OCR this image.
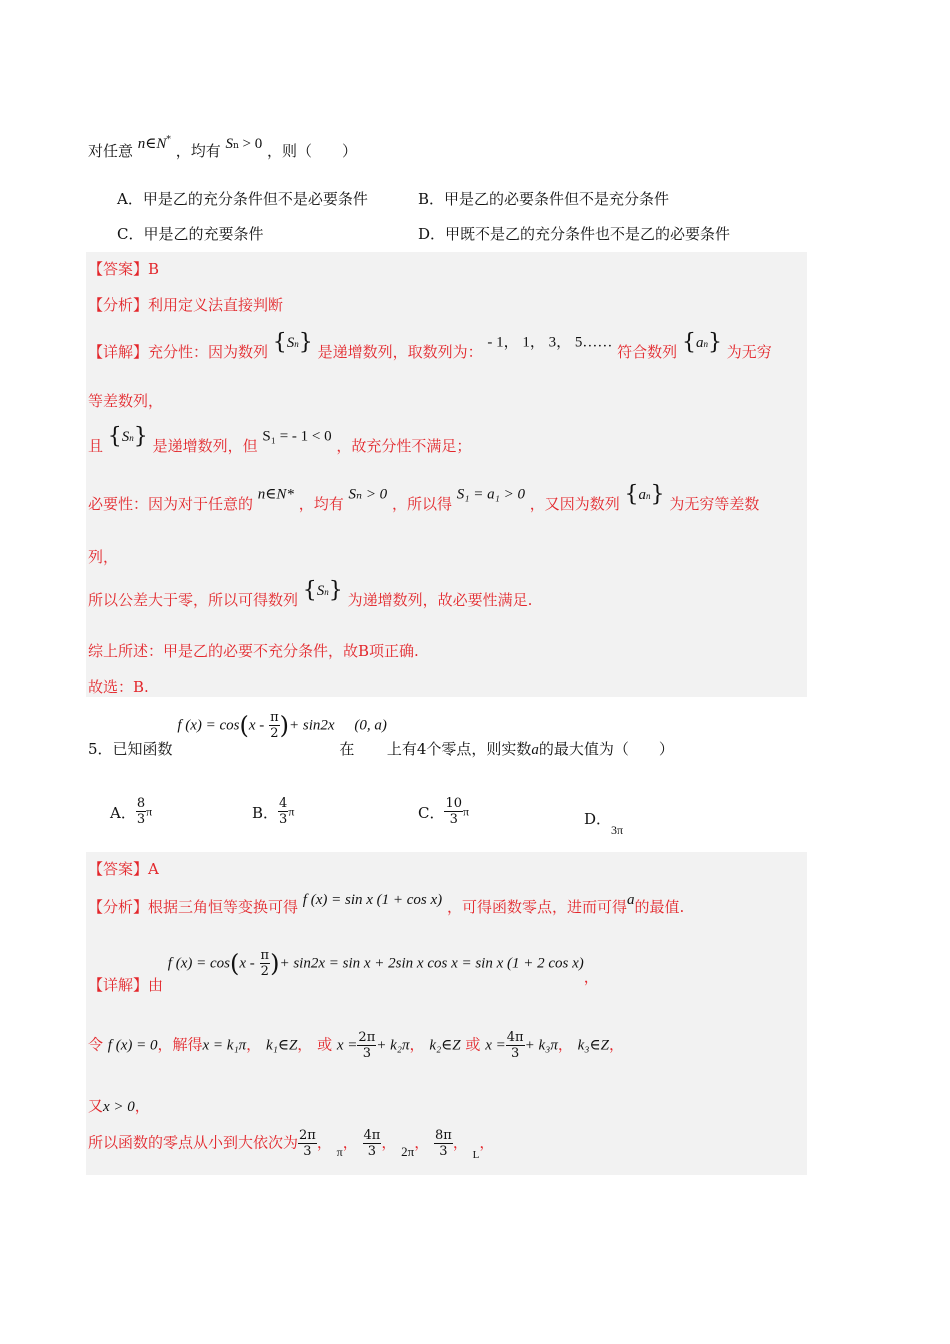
对任意 n∈N* ，均有 Sn > 0 ，则（　　）
A．甲是乙的充分条件但不是必要条件	B．甲是乙的必要条件但不是充分条件
C．甲是乙的充要条件	D．甲既不是乙的充分条件也不是乙的必要条件
【答案】B
【分析】利用定义法直接判断
【详解】充分性：因为数列 {Sn} 是递增数列，取数列为： - 1， 1， 3， 5…… 符合数列 {an} 为无穷
等差数列，
且 {Sn} 是递增数列，但 S₁ = - 1 < 0 ，故充分性不满足；
必要性：因为对于任意的 n∈N* ，均有 Sₙ > 0 ，所以得 S₁ = a₁ > 0 ，又因为数列 {an} 为无穷等差数
列，
所以公差大于零，所以可得数列 {Sn} 为递增数列，故必要性满足.
综上所述：甲是乙的必要不充分条件，故B项正确.
故选：B.
5．已知函数 f $(x) = \cos(x - \frac{\pi}{2}$ )+ sin2x 在(0, a)上有4个零点，则实数a的最大值为（　　）
A． $\frac{8}{3}$ π	B． $\frac{4}{3}$ π	C． $\frac{10}{3}$ π	D．$_{3\pi}$
【答案】A
【分析】根据三角恒等变换可得 f (x) = sin x (1 + cos x) ，可得函数零点，进而可得a的最值.
【详解】由 f $(x) = \cos(x - \frac{\pi}{2}$ )+ sin2x = sin x + 2sin x cos x = sin x (1 + 2 cos x)，
令 f (x) = 0，解得x = k₁π， k₁∈Z， 或 $x = \frac{2\pi}{3} + k_2\pi$， k₂∈Z 或 $x = \frac{4\pi}{3} + k_3\pi$， k₃∈Z，
又x > 0，
所以函数的零点从小到大依次为 $\frac{2\pi}{3}$ ， $_\pi$， $\frac{4\pi}{3}$ ， 2π， $\frac{8\pi}{3}$ ， $_L$，
